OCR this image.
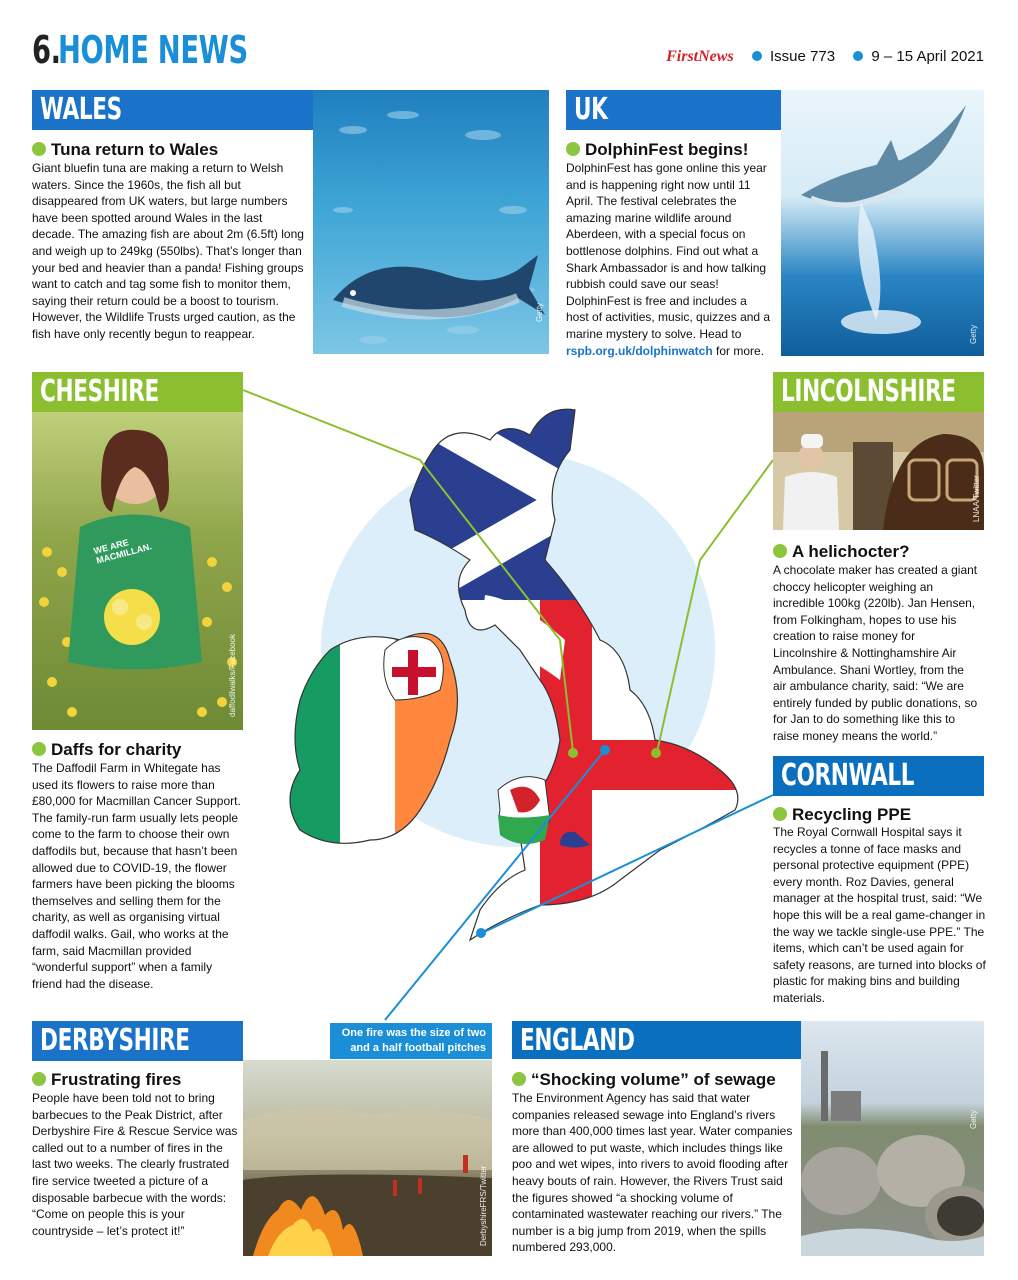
6.
HOME NEWS	FirstNews Issue 773 9 – 15 April 2021
WALES
Getty
Tuna return to Wales
Giant bluefin tuna are making a return to Welsh waters. Since the 1960s, the fish all but disappeared from UK waters, but large numbers have been spotted around Wales in the last decade. The amazing fish are about 2m (6.5ft) long and weigh up to 249kg (550lbs). That’s longer than your bed and heavier than a panda! Fishing groups want to catch and tag some fish to monitor them, saying their return could be a boost to tourism. However, the Wildlife Trusts urged caution, as the fish have only recently begun to reappear.
UK
Getty
DolphinFest begins!
DolphinFest has gone online this year and is happening right now until 11 April. The festival celebrates the amazing marine wildlife around Aberdeen, with a special focus on bottlenose dolphins. Find out what a Shark Ambassador is and how talking rubbish could save our seas! DolphinFest is free and includes a host of activities, music, quizzes and a marine mystery to solve. Head to rspb.org.uk/dolphinwatch for more.
CHESHIRE
WE ARE MACMILLAN.
daffodilwalks/Facebook
Daffs for charity
The Daffodil Farm in Whitegate has used its flowers to raise more than £80,000 for Macmillan Cancer Support. The family-run farm usually lets people come to the farm to choose their own daffodils but, because that hasn’t been allowed due to COVID-19, the flower farmers have been picking the blooms themselves and selling them for the charity, as well as organising virtual daffodil walks. Gail, who works at the farm, said Macmillan provided “wonderful support” when a family friend had the disease.
LINCOLNSHIRE
LNAA/Twitter
A helichocter?
A chocolate maker has created a giant choccy helicopter weighing an incredible 100kg (220lb). Jan Hensen, from Folkingham, hopes to use his creation to raise money for Lincolnshire & Nottinghamshire Air Ambulance. Shani Wortley, from the air ambulance charity, said: “We are entirely funded by public donations, so for Jan to do something like this to raise money means the world.”
CORNWALL
Recycling PPE
The Royal Cornwall Hospital says it recycles a tonne of face masks and personal protective equipment (PPE) every month. Roz Davies, general manager at the hospital trust, said: “We hope this will be a real game-changer in the way we tackle single-use PPE.” The items, which can’t be used again for safety reasons, are turned into blocks of plastic for making bins and building materials.
DERBYSHIRE	One fire was the size of two and a half football pitches
DerbyshireFRS/Twitter
Frustrating fires
People have been told not to bring barbecues to the Peak District, after Derbyshire Fire & Rescue Service was called out to a number of fires in the last two weeks. The clearly frustrated fire service tweeted a picture of a disposable barbecue with the words: “Come on people this is your countryside – let’s protect it!”
ENGLAND
Getty
“Shocking volume” of sewage
The Environment Agency has said that water companies released sewage into England’s rivers more than 400,000 times last year. Water companies are allowed to put waste, which includes things like poo and wet wipes, into rivers to avoid flooding after heavy bouts of rain. However, the Rivers Trust said the figures showed “a shocking volume of contaminated wastewater reaching our rivers.” The number is a big jump from 2019, when the spills numbered 293,000.
